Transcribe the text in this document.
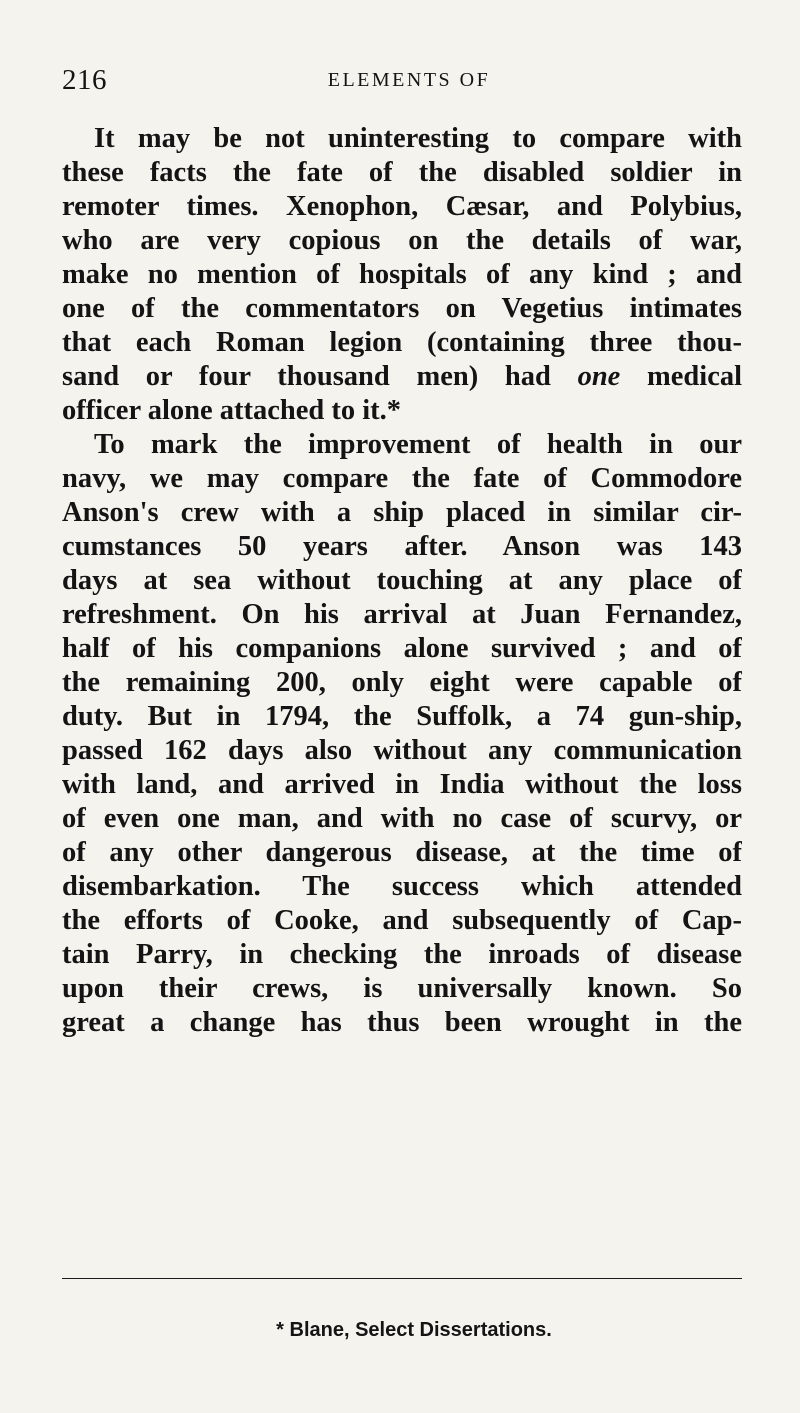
216	ELEMENTS OF

It may be not uninteresting to compare with
these facts the fate of the disabled soldier in
remoter times. Xenophon, Cæsar, and Polybius,
who are very copious on the details of war,
make no mention of hospitals of any kind ; and
one of the commentators on Vegetius intimates
that each Roman legion (containing three thou-
sand or four thousand men) had one medical
officer alone attached to it.*
To mark the improvement of health in our
navy, we may compare the fate of Commodore
Anson's crew with a ship placed in similar cir-
cumstances 50 years after. Anson was 143
days at sea without touching at any place of
refreshment. On his arrival at Juan Fernandez,
half of his companions alone survived ; and of
the remaining 200, only eight were capable of
duty. But in 1794, the Suffolk, a 74 gun-ship,
passed 162 days also without any communication
with land, and arrived in India without the loss
of even one man, and with no case of scurvy, or
of any other dangerous disease, at the time of
disembarkation. The success which attended
the efforts of Cooke, and subsequently of Cap-
tain Parry, in checking the inroads of disease
upon their crews, is universally known. So
great a change has thus been wrought in the

* Blane, Select Dissertations.
